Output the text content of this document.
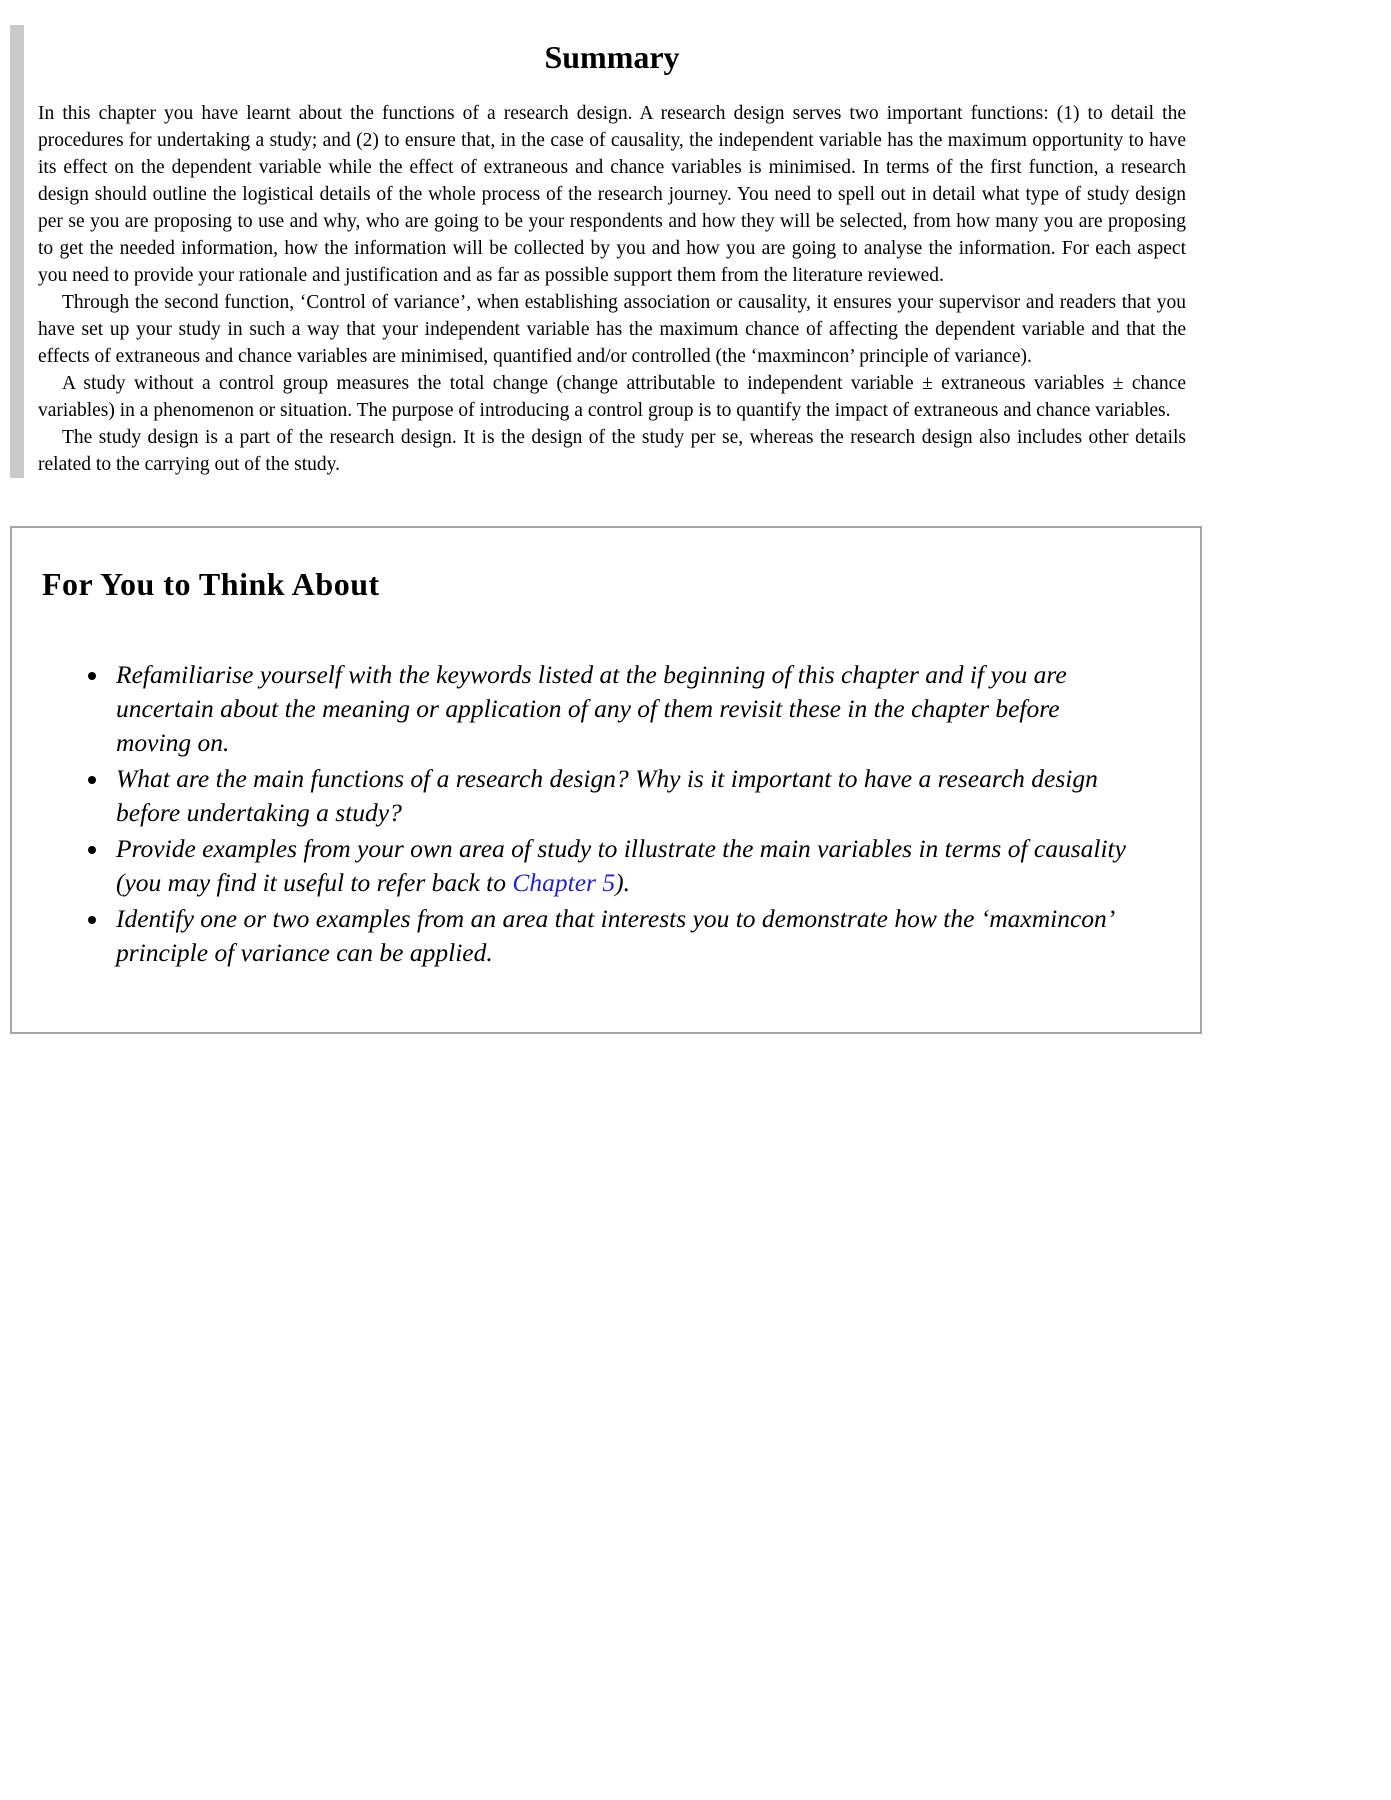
Summary

In this chapter you have learnt about the functions of a research design. A research design serves two important functions: (1) to detail the procedures for undertaking a study; and (2) to ensure that, in the case of causality, the independent variable has the maximum opportunity to have its effect on the dependent variable while the effect of extraneous and chance variables is minimised. In terms of the first function, a research design should outline the logistical details of the whole process of the research journey. You need to spell out in detail what type of study design per se you are proposing to use and why, who are going to be your respondents and how they will be selected, from how many you are proposing to get the needed information, how the information will be collected by you and how you are going to analyse the information. For each aspect you need to provide your rationale and justification and as far as possible support them from the literature reviewed.

Through the second function, ‘Control of variance’, when establishing association or causality, it ensures your supervisor and readers that you have set up your study in such a way that your independent variable has the maximum chance of affecting the dependent variable and that the effects of extraneous and chance variables are minimised, quantified and/or controlled (the ‘maxmincon’ principle of variance).

A study without a control group measures the total change (change attributable to independent variable ± extraneous variables ± chance variables) in a phenomenon or situation. The purpose of introducing a control group is to quantify the impact of extraneous and chance variables.

The study design is a part of the research design. It is the design of the study per se, whereas the research design also includes other details related to the carrying out of the study.

For You to Think About
• Refamiliarise yourself with the keywords listed at the beginning of this chapter and if you are uncertain about the meaning or application of any of them revisit these in the chapter before moving on.
• What are the main functions of a research design? Why is it important to have a research design before undertaking a study?
• Provide examples from your own area of study to illustrate the main variables in terms of causality (you may find it useful to refer back to Chapter 5).
• Identify one or two examples from an area that interests you to demonstrate how the ‘maxmincon’ principle of variance can be applied.
